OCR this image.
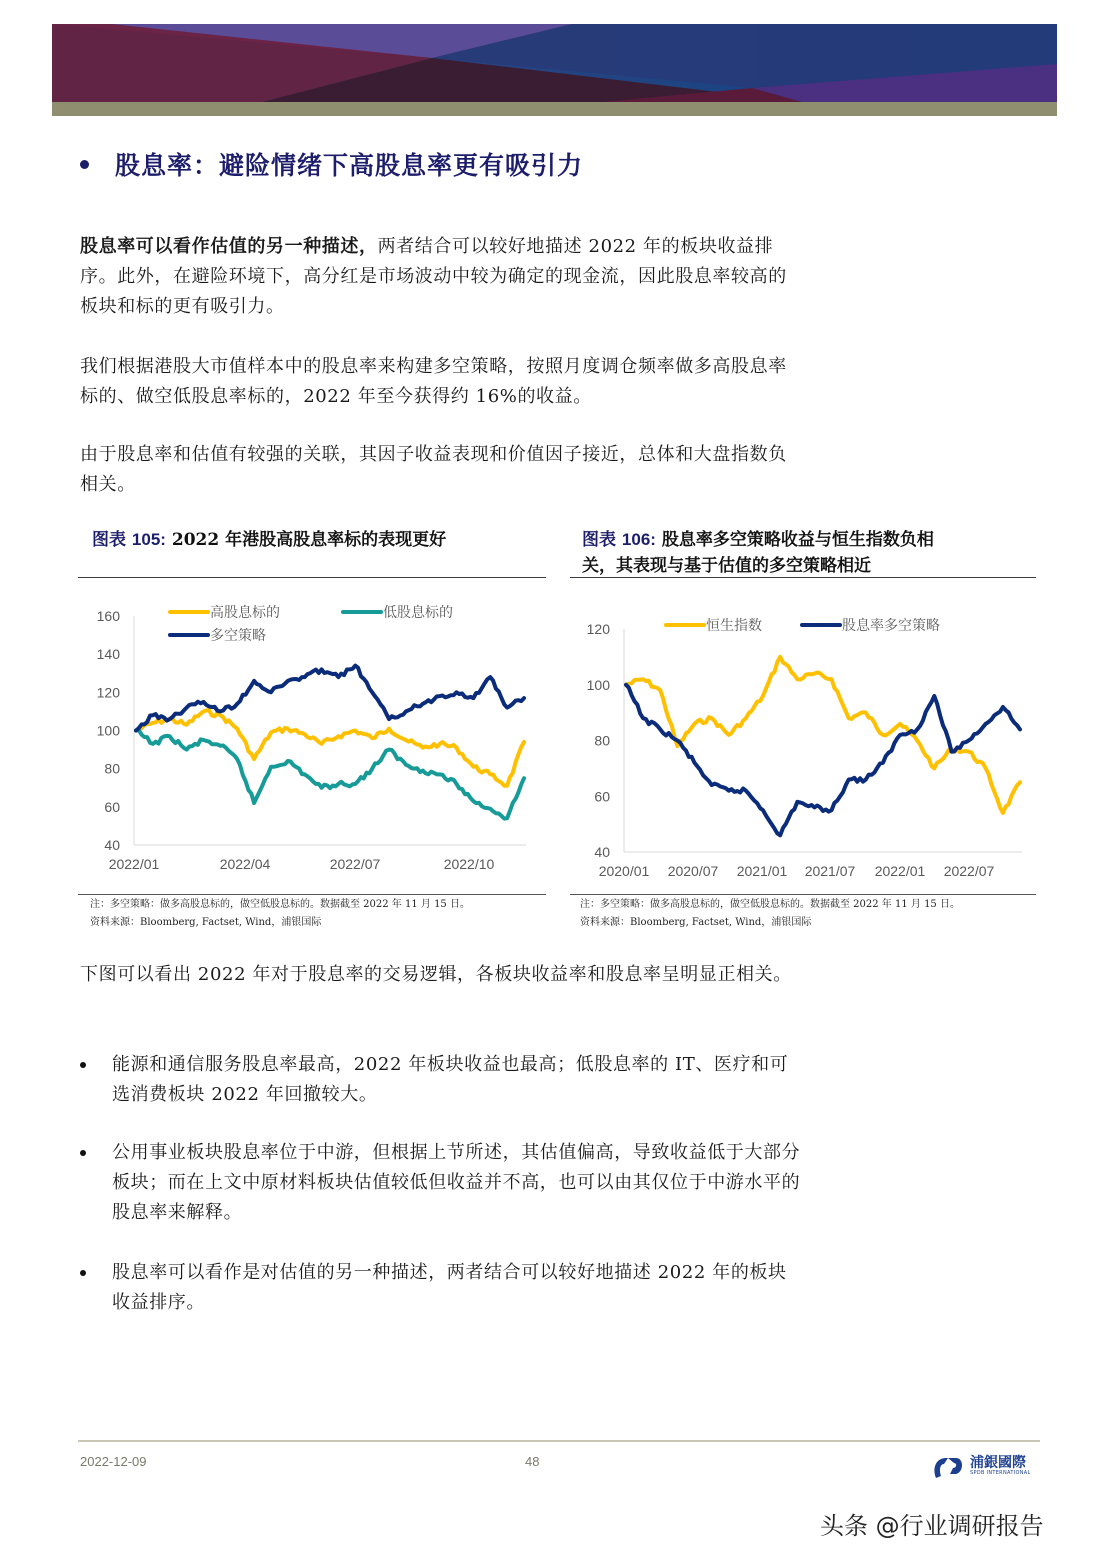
股息率：避险情绪下高股息率更有吸引力
股息率可以看作估值的另一种描述，两者结合可以较好地描述 2022 年的板块收益排序。此外，在避险环境下，高分红是市场波动中较为确定的现金流，因此股息率较高的板块和标的更有吸引力。
我们根据港股大市值样本中的股息率来构建多空策略，按照月度调仓频率做多高股息率标的、做空低股息率标的，2022 年至今获得约 16%的收益。
由于股息率和估值有较强的关联，其因子收益表现和价值因子接近，总体和大盘指数负相关。
图表 105: 2022 年港股高股息率标的表现更好	图表 106: 股息率多空策略收益与恒生指数负相
关，其表现与基于估值的多空策略相近
40
60
80
100
120
140
160
2022/01	2022/04	2022/07	2022/10
高股息标的	低股息标的
多空策略
40
60
80
100
120
2020/01 2020/07 2021/01 2021/07 2022/01 2022/07
恒生指数	股息率多空策略
注：多空策略：做多高股息标的，做空低股息标的。数据截至 2022 年 11 月 15 日。
资料来源：Bloomberg, Factset, Wind，浦银国际
注：多空策略：做多高股息标的，做空低股息标的。数据截至 2022 年 11 月 15 日。
资料来源：Bloomberg, Factset, Wind，浦银国际
下图可以看出 2022 年对于股息率的交易逻辑，各板块收益率和股息率呈明显正相关。
能源和通信服务股息率最高，2022 年板块收益也最高；低股息率的 IT、医疗和可选消费板块 2022 年回撤较大。
公用事业板块股息率位于中游，但根据上节所述，其估值偏高，导致收益低于大部分板块；而在上文中原材料板块估值较低但收益并不高，也可以由其仅位于中游水平的股息率来解释。
股息率可以看作是对估值的另一种描述，两者结合可以较好地描述 2022 年的板块收益排序。
2022-12-09	48	浦銀國際
SPDB INTERNATIONAL
头条 @行业调研报告
